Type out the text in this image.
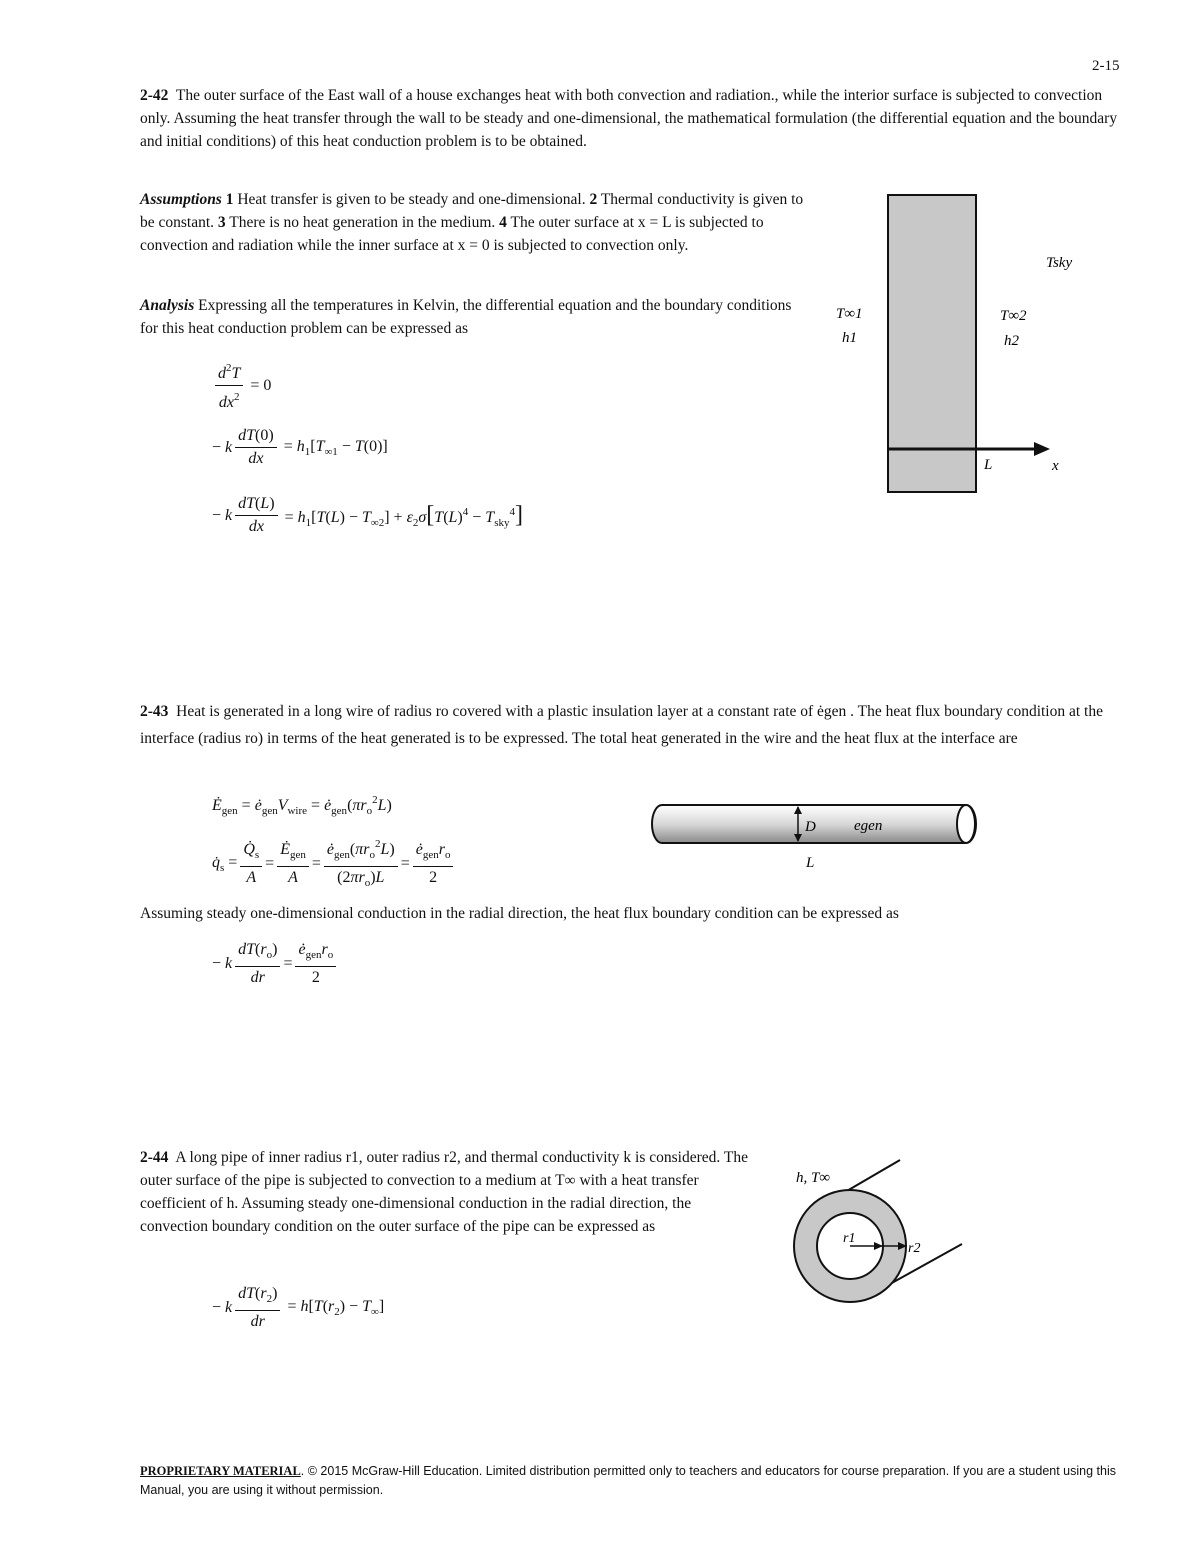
2-15
2-42 The outer surface of the East wall of a house exchanges heat with both convection and radiation., while the interior surface is subjected to convection only. Assuming the heat transfer through the wall to be steady and one-dimensional, the mathematical formulation (the differential equation and the boundary and initial conditions) of this heat conduction problem is to be obtained.
Assumptions 1 Heat transfer is given to be steady and one-dimensional. 2 Thermal conductivity is given to be constant. 3 There is no heat generation in the medium. 4 The outer surface at x = L is subjected to convection and radiation while the inner surface at x = 0 is subjected to convection only.
Analysis Expressing all the temperatures in Kelvin, the differential equation and the boundary conditions for this heat conduction problem can be expressed as
$\frac{d^2T}{dx^2} = 0$
− k $\frac{dT(0)}{dx} = h_1[T_{\infty 1} - T(0)]$
− k $\frac{dT(L)}{dx} = h_1[T(L) - T_{\infty 2}] + \varepsilon_2\sigma[T(L)^4 - T_{sky}^4]$
T∞1
h1
T∞2
h2
Tsky
L	x
2-43 Heat is generated in a long wire of radius ro covered with a plastic insulation layer at a constant rate of ėgen . The heat flux boundary condition at the interface (radius ro) in terms of the heat generated is to be expressed. The total heat generated in the wire and the heat flux at the interface are
$Ė_{gen}$ = $ė_{gen}V_{wire}$ = $ė_{gen}(\pi r_o^2L)$
$q̇_s = \frac{Q̇_s}{A} = \frac{Ė_{gen}}{A} = \frac{ė_{gen}(\pi r_o^2L)}{(2\pi r_o)L} = \frac{ė_{gen}r_o}{2}$
D	egen
L
Assuming steady one-dimensional conduction in the radial direction, the heat flux boundary condition can be expressed as
− k $\frac{dT(r_o)}{dr} = \frac{ė_{gen}r_o}{2}$
2-44 A long pipe of inner radius r1, outer radius r2, and thermal conductivity k is considered. The outer surface of the pipe is subjected to convection to a medium at T∞ with a heat transfer coefficient of h. Assuming steady one-dimensional conduction in the radial direction, the convection boundary condition on the outer surface of the pipe can be expressed as
− k $\frac{dT(r_2)}{dr} = h[T(r_2) - T_\infty]$
h, T∞
r1
r2
PROPRIETARY MATERIAL. © 2015 McGraw-Hill Education. Limited distribution permitted only to teachers and educators for course preparation. If you are a student using this Manual, you are using it without permission.
